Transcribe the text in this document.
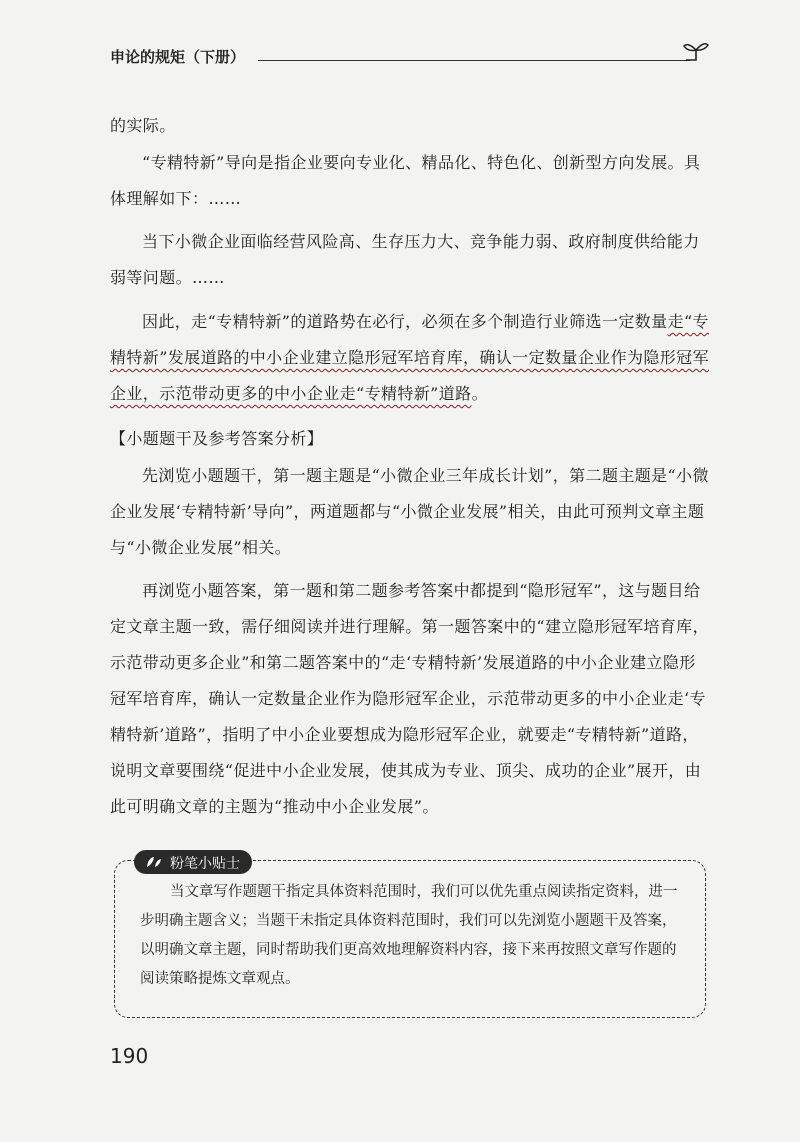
申论的规矩（下册）
的实际。
“专精特新”导向是指企业要向专业化、精品化、特色化、创新型方向发展。具体理解如下：……
当下小微企业面临经营风险高、生存压力大、竞争能力弱、政府制度供给能力弱等问题。……
因此，走“专精特新”的道路势在必行，必须在多个制造行业筛选一定数量走“专精特新”发展道路的中小企业建立隐形冠军培育库，确认一定数量企业作为隐形冠军企业，示范带动更多的中小企业走“专精特新”道路。
【小题题干及参考答案分析】
先浏览小题题干，第一题主题是“小微企业三年成长计划”，第二题主题是“小微企业发展‘专精特新’导向”，两道题都与“小微企业发展”相关，由此可预判文章主题与“小微企业发展”相关。
再浏览小题答案，第一题和第二题参考答案中都提到“隐形冠军”，这与题目给定文章主题一致，需仔细阅读并进行理解。第一题答案中的“建立隐形冠军培育库，示范带动更多企业”和第二题答案中的“走‘专精特新’发展道路的中小企业建立隐形冠军培育库，确认一定数量企业作为隐形冠军企业，示范带动更多的中小企业走‘专精特新’道路”，指明了中小企业要想成为隐形冠军企业，就要走“专精特新”道路，说明文章要围绕“促进中小企业发展，使其成为专业、顶尖、成功的企业”展开，由此可明确文章的主题为“推动中小企业发展”。
粉笔小贴士
当文章写作题题干指定具体资料范围时，我们可以优先重点阅读指定资料，进一步明确主题含义；当题干未指定具体资料范围时，我们可以先浏览小题题干及答案，以明确文章主题，同时帮助我们更高效地理解资料内容，接下来再按照文章写作题的阅读策略提炼文章观点。
190
